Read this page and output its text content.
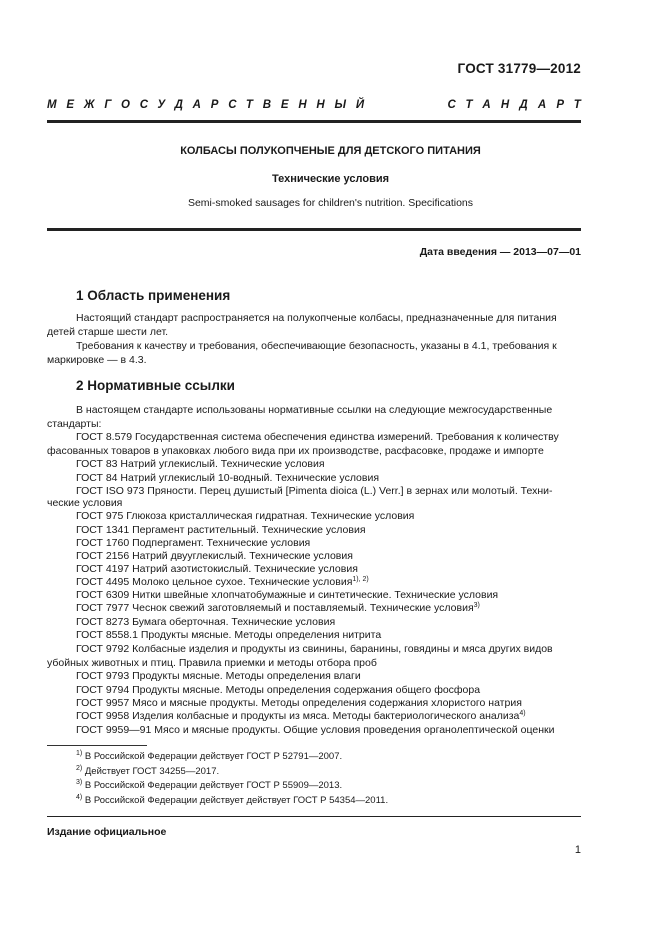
ГОСТ 31779—2012
МЕЖГОСУДАРСТВЕННЫЙ	СТАНДАРТ
КОЛБАСЫ ПОЛУКОПЧЕНЫЕ ДЛЯ ДЕТСКОГО ПИТАНИЯ
Технические условия
Semi-smoked sausages for children's nutrition. Specifications
Дата введения — 2013—07—01
1 Область применения
Настоящий стандарт распространяется на полукопченые колбасы, предназначенные для питания
детей старше шести лет.
Требования к качеству и требования, обеспечивающие безопасность, указаны в 4.1, требования к
маркировке — в 4.3.
2 Нормативные ссылки
В настоящем стандарте использованы нормативные ссылки на следующие межгосударственные
стандарты:
ГОСТ 8.579 Государственная система обеспечения единства измерений. Требования к количеству
фасованных товаров в упаковках любого вида при их производстве, расфасовке, продаже и импорте
ГОСТ 83 Натрий углекислый. Технические условия
ГОСТ 84 Натрий углекислый 10-водный. Технические условия
ГОСТ ISO 973 Пряности. Перец душистый [Pimenta dioica (L.) Verr.] в зернах или молотый. Техни-
ческие условия
ГОСТ 975 Глюкоза кристаллическая гидратная. Технические условия
ГОСТ 1341 Пергамент растительный. Технические условия
ГОСТ 1760 Подпергамент. Технические условия
ГОСТ 2156 Натрий двууглекислый. Технические условия
ГОСТ 4197 Натрий азотистокислый. Технические условия
ГОСТ 4495 Молоко цельное сухое. Технические условия$^{1), 2)}$
ГОСТ 6309 Нитки швейные хлопчатобумажные и синтетические. Технические условия
ГОСТ 7977 Чеснок свежий заготовляемый и поставляемый. Технические условия$^{3)}$
ГОСТ 8273 Бумага оберточная. Технические условия
ГОСТ 8558.1 Продукты мясные. Методы определения нитрита
ГОСТ 9792 Колбасные изделия и продукты из свинины, баранины, говядины и мяса других видов
убойных животных и птиц. Правила приемки и методы отбора проб
ГОСТ 9793 Продукты мясные. Методы определения влаги
ГОСТ 9794 Продукты мясные. Методы определения содержания общего фосфора
ГОСТ 9957 Мясо и мясные продукты. Методы определения содержания хлористого натрия
ГОСТ 9958 Изделия колбасные и продукты из мяса. Методы бактериологического анализа$^{4)}$
ГОСТ 9959—91 Мясо и мясные продукты. Общие условия проведения органолептической оценки
$^{1)}$ В Российской Федерации действует ГОСТ Р 52791—2007.
$^{2)}$ Действует ГОСТ 34255—2017.
$^{3)}$ В Российской Федерации действует ГОСТ Р 55909—2013.
$^{4)}$ В Российской Федерации действует действует ГОСТ Р 54354—2011.
Издание официальное
1
